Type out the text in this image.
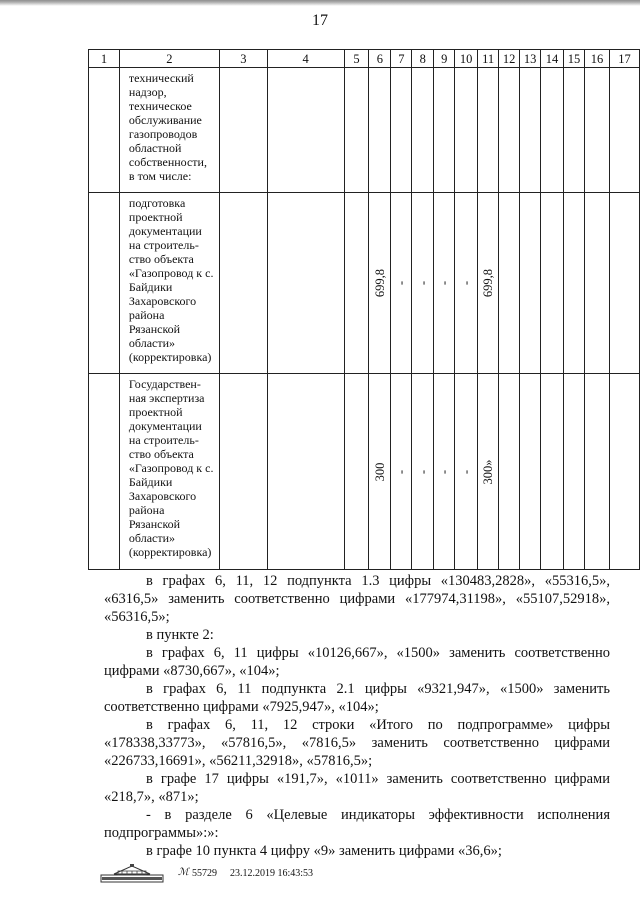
17
1	2	3	4	5	6	7	8	9	10	11	12	13	14	15	16	17
	технический надзор, техническое обслуживание газопроводов областной собственности, в том числе:				

	подготовка проектной документации на строитель-ство объекта «Газопровод к с. Байдики Захаровского района Рязанской области» (корректировка)				699,8	-	-	-	-	699,8						

	Государствен-ная экспертиза проектной документации на строитель-ство объекта «Газопровод к с. Байдики Захаровского района Рязанской области» (корректировка)				300	-	-	-	-	300»						

в графах 6, 11, 12 подпункта 1.3 цифры «130483,2828», «55316,5»,
«6316,5» заменить соответственно цифрами «177974,31198», «55107,52918»,
«56316,5»;
в пункте 2:
в графах 6, 11 цифры «10126,667», «1500» заменить соответственно
цифрами «8730,667», «104»;
в графах 6, 11 подпункта 2.1 цифры «9321,947», «1500» заменить
соответственно цифрами «7925,947», «104»;
в графах 6, 11, 12 строки «Итого по подпрограмме» цифры
«178338,33773», «57816,5», «7816,5» заменить соответственно цифрами
«226733,16691», «56211,32918», «57816,5»;
в графе 17 цифры «191,7», «1011» заменить соответственно цифрами
«218,7», «871»;
- в разделе 6 «Целевые индикаторы эффективности исполнения
подпрограммы»:»:
в графе 10 пункта 4 цифру «9» заменить цифрами «36,6»;
ℳ 55729 23.12.2019 16:43:53
